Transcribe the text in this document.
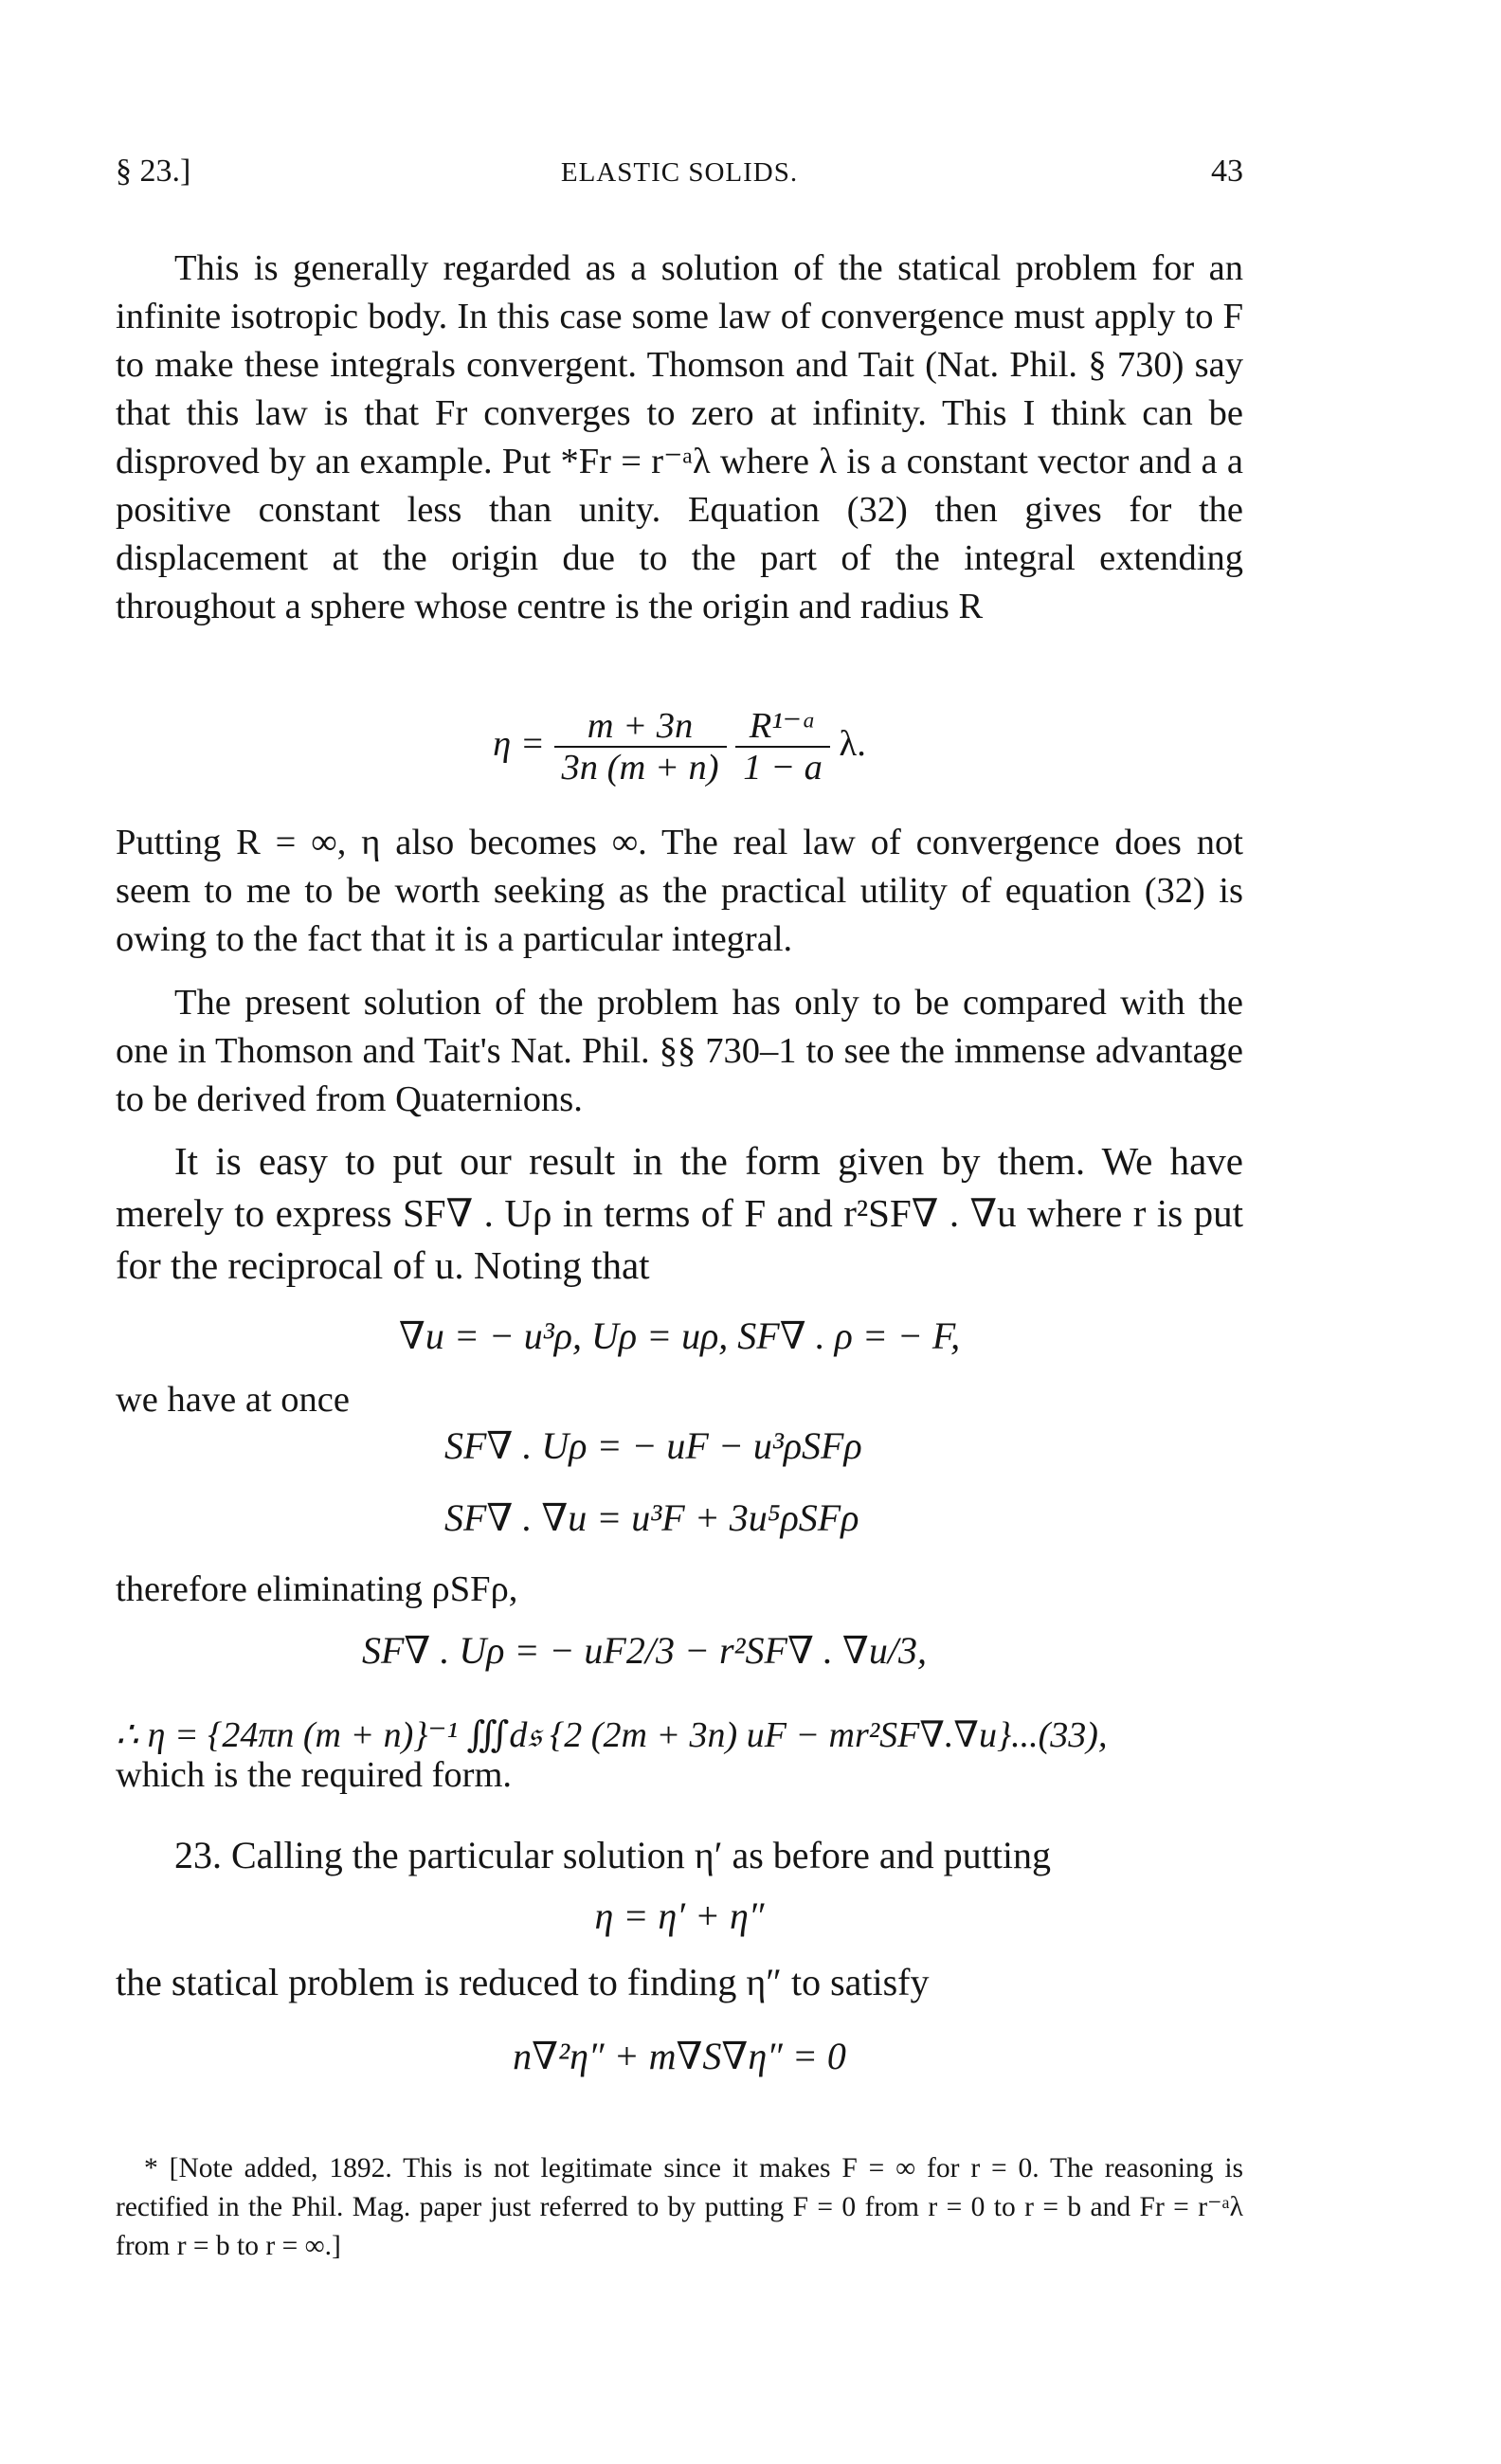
§ 23.]	ELASTIC SOLIDS.	43

This is generally regarded as a solution of the statical problem for an infinite isotropic body. In this case some law of convergence must apply to F to make these integrals convergent. Thomson and Tait (Nat. Phil. § 730) say that this law is that Fr converges to zero at infinity. This I think can be disproved by an example. Put *Fr = r⁻ᵃλ where λ is a constant vector and a a positive constant less than unity. Equation (32) then gives for the displacement at the origin due to the part of the integral extending throughout a sphere whose centre is the origin and radius R

$\eta = \frac{m + 3n}{3n (m + n)}$
$\frac{\text{R¹⁻ᵃ}}{1 - a} \lambda$.

Putting R = ∞, η also becomes ∞. The real law of convergence does not seem to me to be worth seeking as the practical utility of equation (32) is owing to the fact that it is a particular integral.

The present solution of the problem has only to be compared with the one in Thomson and Tait's Nat. Phil. §§ 730–1 to see the immense advantage to be derived from Quaternions.

It is easy to put our result in the form given by them. We have merely to express SF∇ . Uρ in terms of F and r²SF∇ . ∇u where r is put for the reciprocal of u. Noting that

∇u = − u³ρ, Uρ = uρ, SF∇ . ρ = − F,

we have at once

SF∇ . Uρ = − uF − u³ρSFρ
SF∇ . ∇u = u³F + 3u⁵ρSFρ

therefore eliminating ρSFρ,

SF∇ . Uρ = − uF2/3 − r²SF∇ . ∇u/3,
∴ η = {24πn (m + n)}⁻¹ ∭d𝔰 {2 (2m + 3n) uF − mr²SF∇.∇u}...(33),

which is the required form.

23. Calling the particular solution η′ as before and putting

η = η′ + η″

the statical problem is reduced to finding η″ to satisfy

n∇²η″ + m∇S∇η″ = 0

* [Note added, 1892. This is not legitimate since it makes F = ∞ for r = 0. The reasoning is rectified in the Phil. Mag. paper just referred to by putting F = 0 from r = 0 to r = b and Fr = r⁻ᵃλ from r = b to r = ∞.]
